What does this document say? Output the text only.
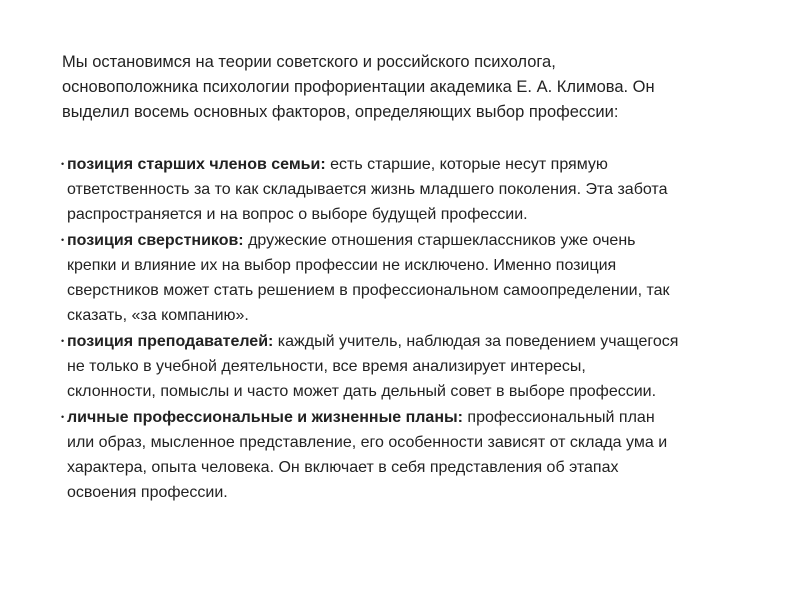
Мы остановимся на теории советского и российского психолога,
основоположника психологии профориентации академика Е. А. Климова. Он
выделил восемь основных факторов, определяющих выбор профессии:
• позиция старших членов семьи: есть старшие, которые несут прямую
ответственность за то как складывается жизнь младшего поколения. Эта забота
распространяется и на вопрос о выборе будущей профессии.
• позиция сверстников: дружеские отношения старшеклассников уже очень
крепки и влияние их на выбор профессии не исключено. Именно позиция
сверстников может стать решением в профессиональном самоопределении, так
сказать, «за компанию».
• позиция преподавателей: каждый учитель, наблюдая за поведением учащегося
не только в учебной деятельности, все время анализирует интересы,
склонности, помыслы и часто может дать дельный совет в выборе профессии.
• личные профессиональные и жизненные планы: профессиональный план
или образ, мысленное представление, его особенности зависят от склада ума и
характера, опыта человека. Он включает в себя представления об этапах
освоения профессии.
